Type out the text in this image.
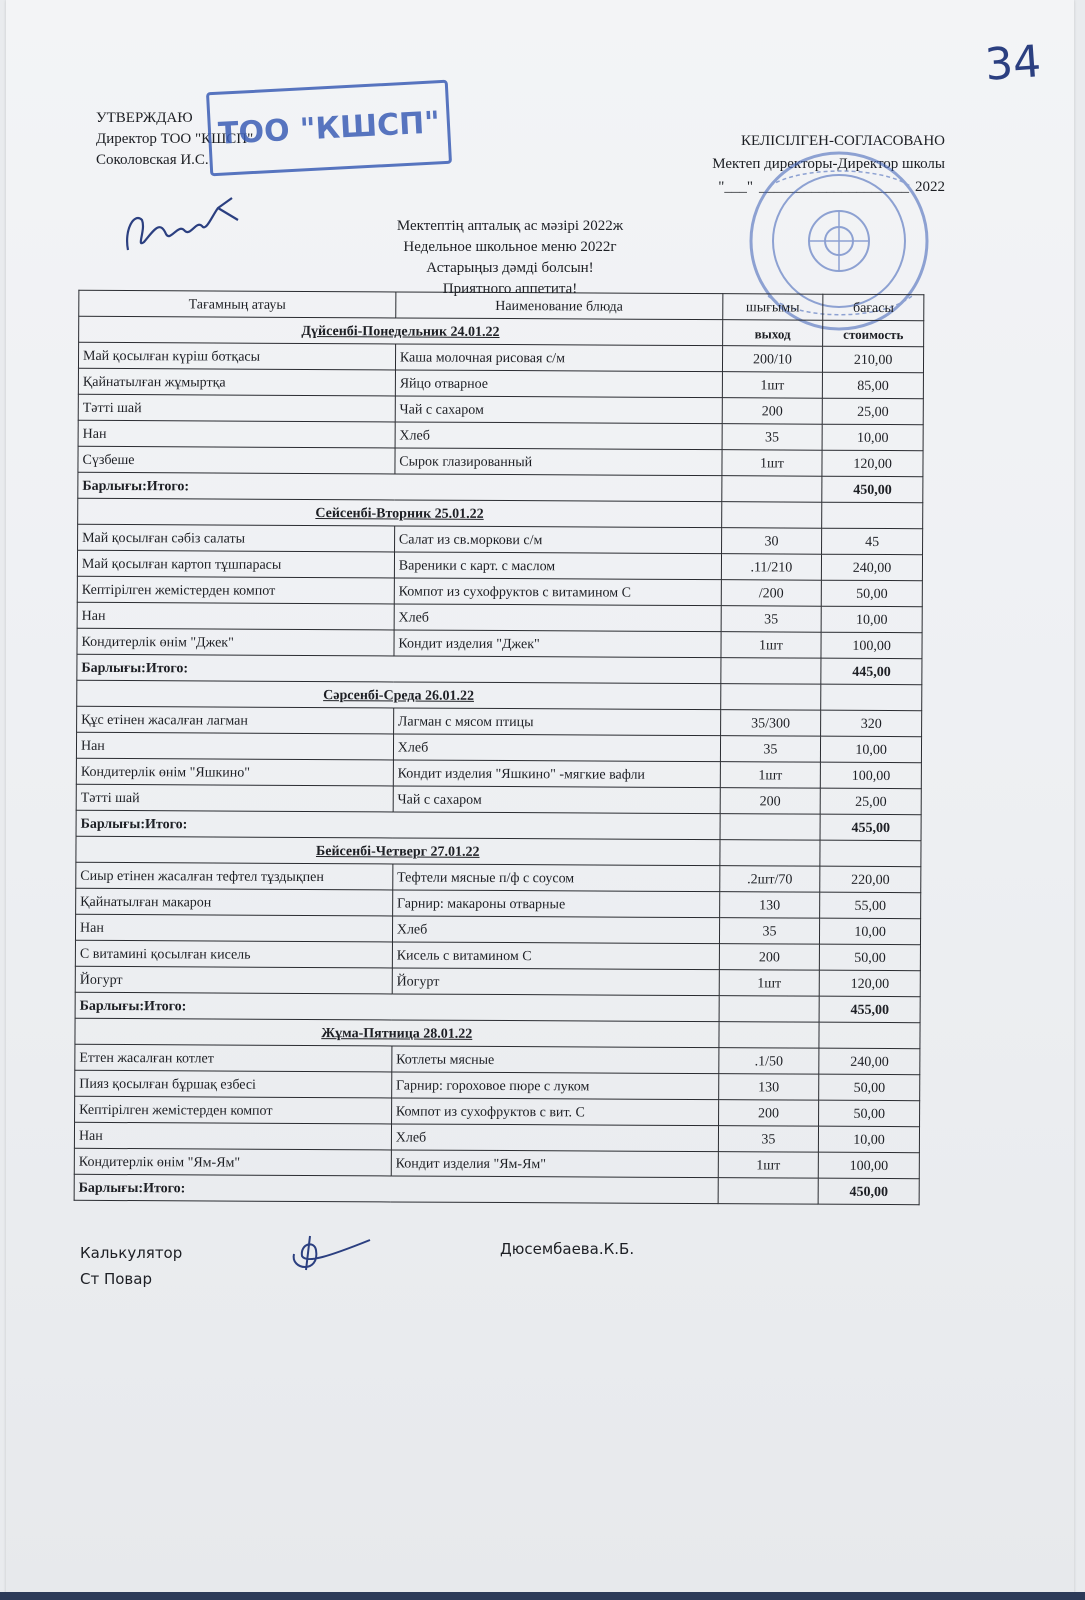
34
УТВЕРЖДАЮ
Директор ТОО "КШСП"
Соколовская И.С.
ТОО "КШСП"	КЕЛІСІЛГЕН-СОГЛАСОВАНО
Мектеп директоры-Директор школы
"___" ____________________ 2022
Мектептің апталық ас мәзірі 2022ж
Недельное школьное меню 2022г
Астарыңыз дәмді болсын!
Приятного аппетита!
Тағамның атауы	Наименование блюда	шығымы	бағасы
Дүйсенбі-Понедельник 24.01.22		выход	стоимость
Май қосылған күріш ботқасы	Каша молочная рисовая с/м	200/10	210,00
Қайнатылған жұмыртқа	Яйцо отварное	1шт	85,00
Тәтті шай	Чай с сахаром	200	25,00
Нан	Хлеб	35	10,00
Сүзбеше	Сырок глазированный	1шт	120,00
Барлығы:Итого:			450,00
Сейсенбі-Вторник 25.01.22			
Май қосылған сәбіз салаты	Салат из св.моркови с/м	30	45
Май қосылған картоп тұшпарасы	Вареники с карт. с маслом	.11/210	240,00
Кептірілген жемістерден компот	Компот из сухофруктов с витамином С	/200	50,00
Нан	Хлеб	35	10,00
Кондитерлік өнім "Джек"	Кондит изделия "Джек"	1шт	100,00
Барлығы:Итого:			445,00
Сәрсенбі-Среда 26.01.22			
Құс етінен жасалған лагман	Лагман с мясом птицы	35/300	320
Нан	Хлеб	35	10,00
Кондитерлік өнім "Яшкино"	Кондит изделия "Яшкино" -мягкие вафли	1шт	100,00
Тәтті шай	Чай с сахаром	200	25,00
Барлығы:Итого:			455,00
Бейсенбі-Четверг 27.01.22			
Сиыр етінен жасалған тефтел тұздықпен	Тефтели мясные п/ф с соусом	.2шт/70	220,00
Қайнатылған макарон	Гарнир: макароны отварные	130	55,00
Нан	Хлеб	35	10,00
С витамині қосылған кисель	Кисель с витамином С	200	50,00
Йогурт	Йогурт	1шт	120,00
Барлығы:Итого:			455,00
Жұма-Пятница 28.01.22			
Еттен жасалған котлет	Котлеты мясные	.1/50	240,00
Пияз қосылған бұршақ езбесі	Гарнир: гороховое пюре с луком	130	50,00
Кептірілген жемістерден компот	Компот из сухофруктов с вит. С	200	50,00
Нан	Хлеб	35	10,00
Кондитерлік өнім "Ям-Ям"	Кондит изделия "Ям-Ям"	1шт	100,00
Барлығы:Итого:			450,00
Калькулятор
Ст Повар
Дюсембаева.К.Б.
